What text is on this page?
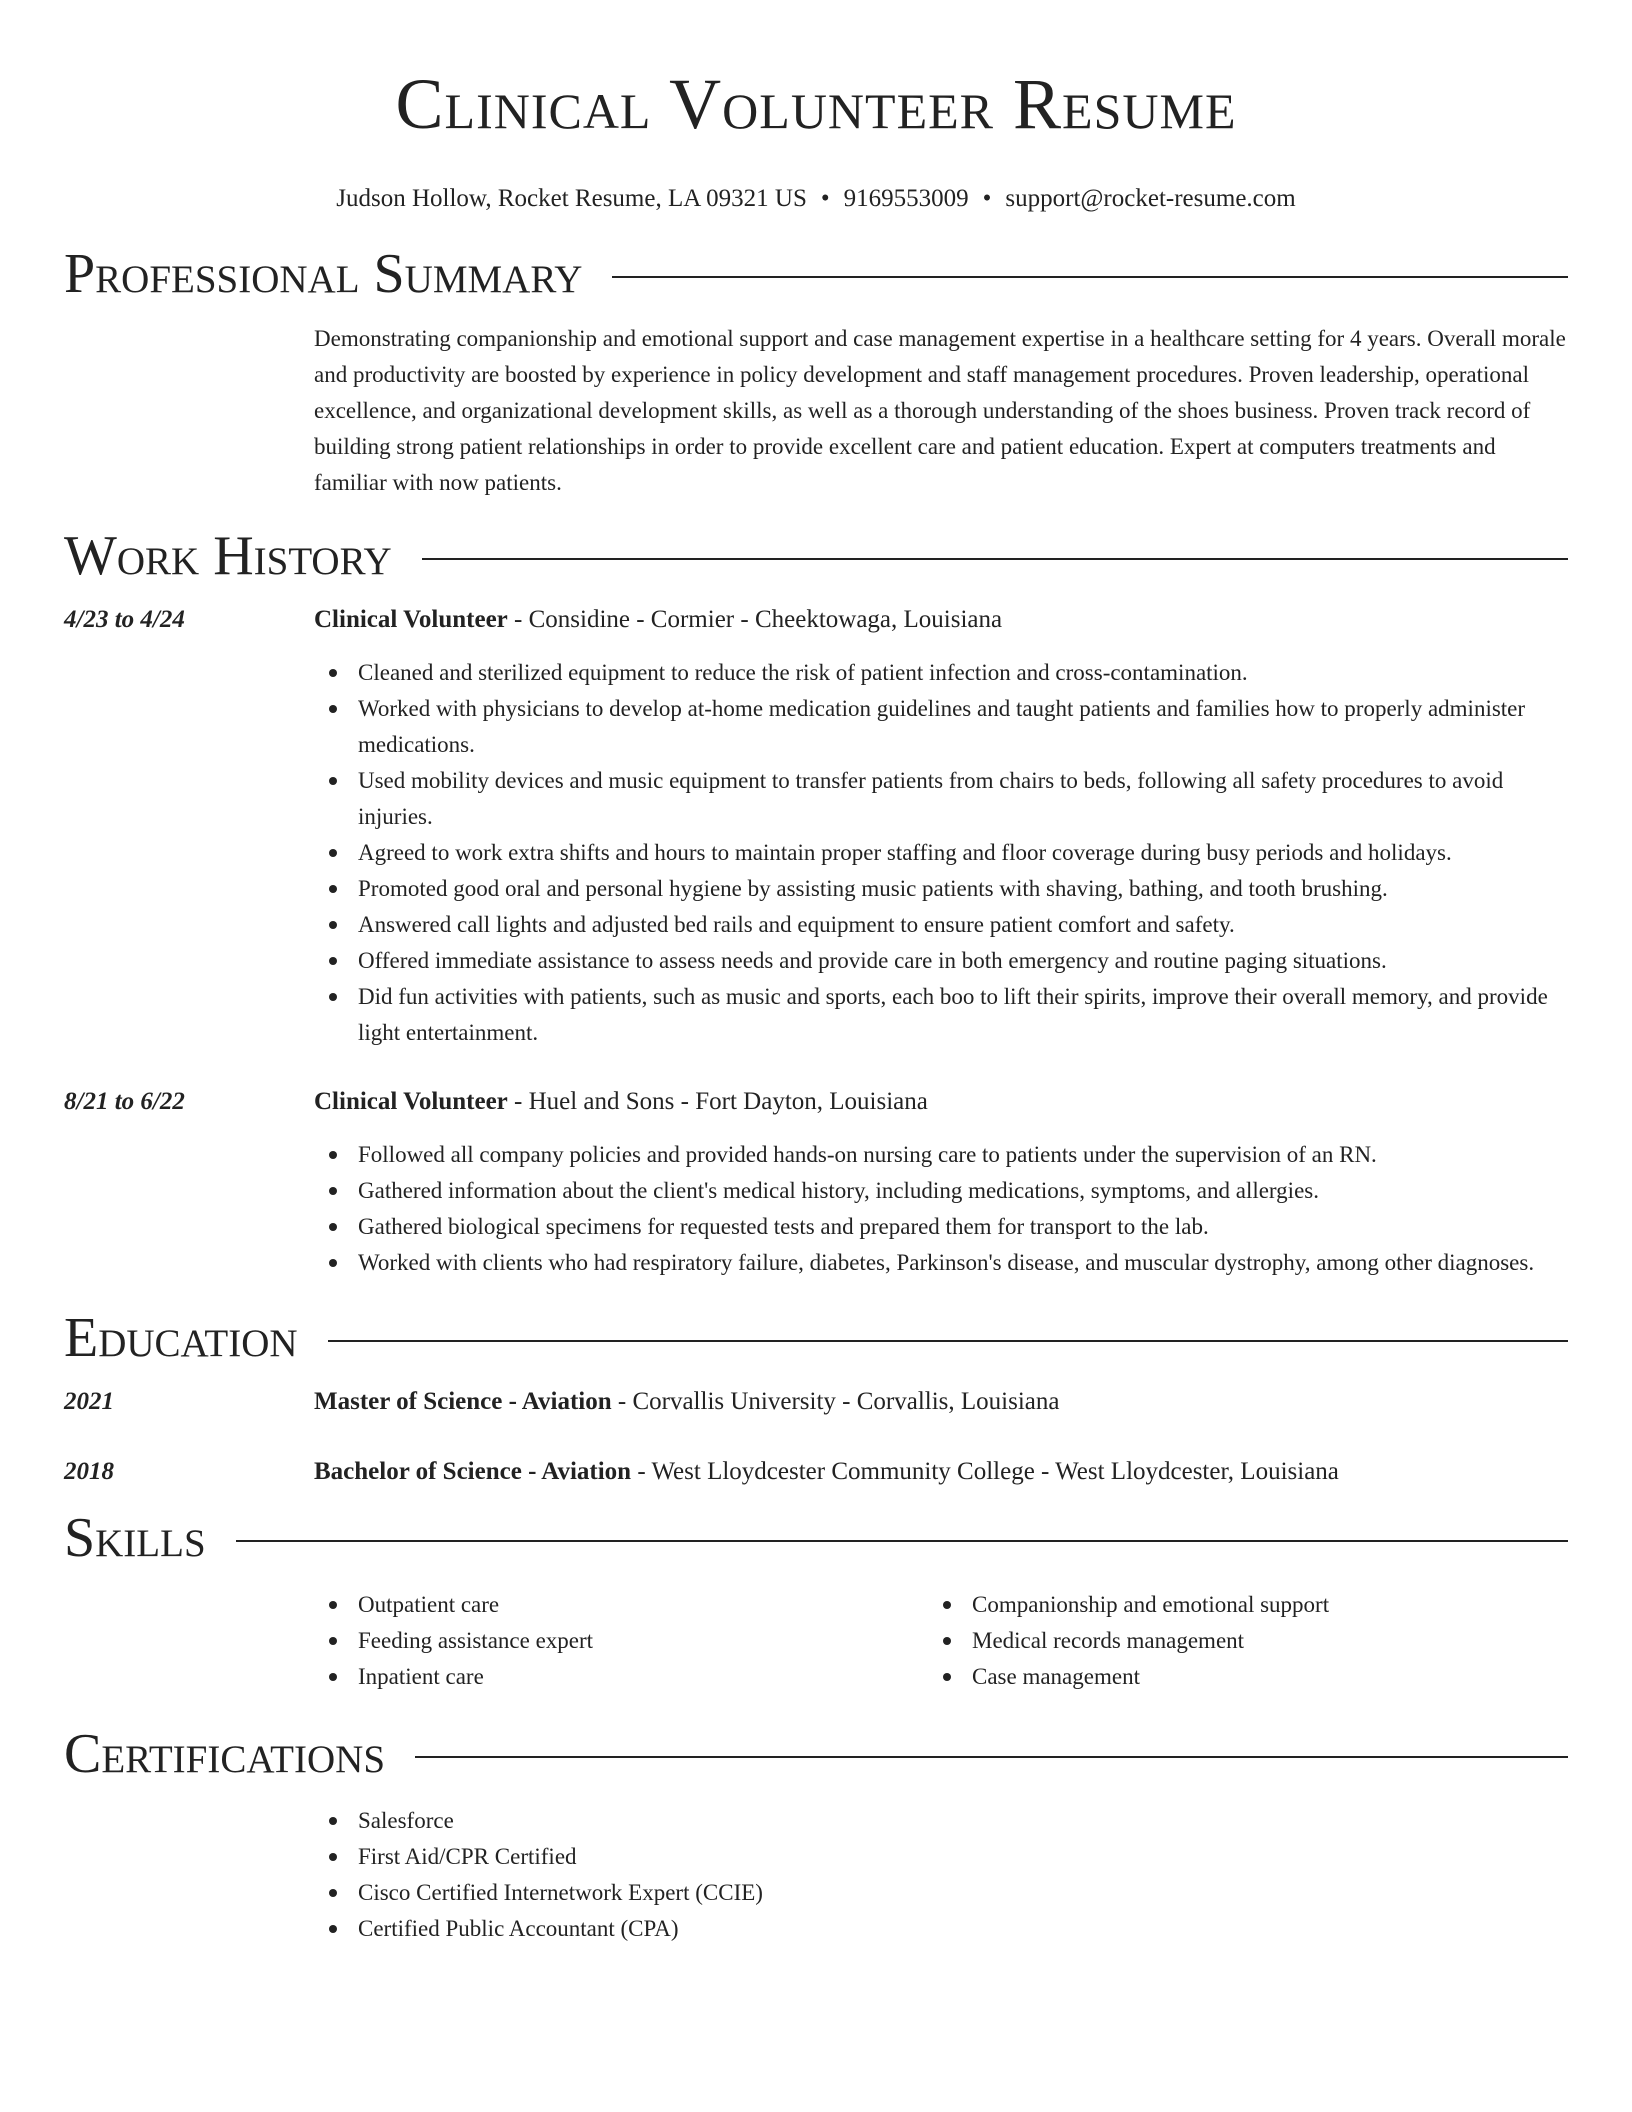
Clinical Volunteer Resume
Judson Hollow, Rocket Resume, LA 09321 US • 9169553009 • support@rocket-resume.com
Professional Summary
Demonstrating companionship and emotional support and case management expertise in a healthcare setting for 4 years. Overall morale and productivity are boosted by experience in policy development and staff management procedures. Proven leadership, operational excellence, and organizational development skills, as well as a thorough understanding of the shoes business. Proven track record of building strong patient relationships in order to provide excellent care and patient education. Expert at computers treatments and familiar with now patients.
Work History
4/23 to 4/24	Clinical Volunteer - Considine - Cormier - Cheektowaga, Louisiana
Cleaned and sterilized equipment to reduce the risk of patient infection and cross-contamination.
Worked with physicians to develop at-home medication guidelines and taught patients and families how to properly administer medications.
Used mobility devices and music equipment to transfer patients from chairs to beds, following all safety procedures to avoid injuries.
Agreed to work extra shifts and hours to maintain proper staffing and floor coverage during busy periods and holidays.
Promoted good oral and personal hygiene by assisting music patients with shaving, bathing, and tooth brushing.
Answered call lights and adjusted bed rails and equipment to ensure patient comfort and safety.
Offered immediate assistance to assess needs and provide care in both emergency and routine paging situations.
Did fun activities with patients, such as music and sports, each boo to lift their spirits, improve their overall memory, and provide light entertainment.
8/21 to 6/22	Clinical Volunteer - Huel and Sons - Fort Dayton, Louisiana
Followed all company policies and provided hands-on nursing care to patients under the supervision of an RN.
Gathered information about the client's medical history, including medications, symptoms, and allergies.
Gathered biological specimens for requested tests and prepared them for transport to the lab.
Worked with clients who had respiratory failure, diabetes, Parkinson's disease, and muscular dystrophy, among other diagnoses.
Education
2021	Master of Science - Aviation - Corvallis University - Corvallis, Louisiana
2018	Bachelor of Science - Aviation - West Lloydcester Community College - West Lloydcester, Louisiana
Skills
Outpatient care
Feeding assistance expert
Inpatient care
Companionship and emotional support
Medical records management
Case management
Certifications
Salesforce
First Aid/CPR Certified
Cisco Certified Internetwork Expert (CCIE)
Certified Public Accountant (CPA)
